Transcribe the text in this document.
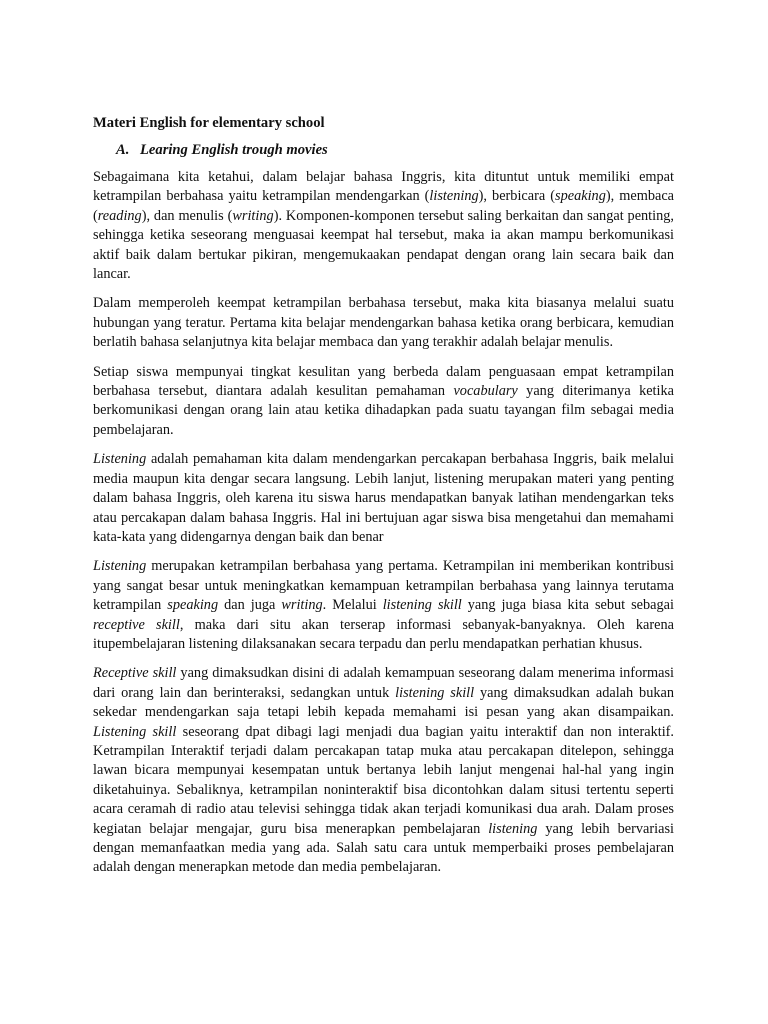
Materi English for elementary school
A. Learing English trough movies

Sebagaimana kita ketahui, dalam belajar bahasa Inggris, kita dituntut untuk memiliki empat ketrampilan berbahasa yaitu ketrampilan mendengarkan (listening), berbicara (speaking), membaca (reading), dan menulis (writing). Komponen-komponen tersebut saling berkaitan dan sangat penting, sehingga ketika seseorang menguasai keempat hal tersebut, maka ia akan mampu berkomunikasi aktif baik dalam bertukar pikiran, mengemukaakan pendapat dengan orang lain secara baik dan lancar.

Dalam memperoleh keempat ketrampilan berbahasa tersebut, maka kita biasanya melalui suatu hubungan yang teratur. Pertama kita belajar mendengarkan bahasa ketika orang berbicara, kemudian berlatih bahasa selanjutnya kita belajar membaca dan yang terakhir adalah belajar menulis.

Setiap siswa mempunyai tingkat kesulitan yang berbeda dalam penguasaan empat ketrampilan berbahasa tersebut, diantara adalah kesulitan pemahaman vocabulary yang diterimanya ketika berkomunikasi dengan orang lain atau ketika dihadapkan pada suatu tayangan film sebagai media pembelajaran.

Listening adalah pemahaman kita dalam mendengarkan percakapan berbahasa Inggris, baik melalui media maupun kita dengar secara langsung. Lebih lanjut, listening merupakan materi yang penting dalam bahasa Inggris, oleh karena itu siswa harus mendapatkan banyak latihan mendengarkan teks atau percakapan dalam bahasa Inggris. Hal ini bertujuan agar siswa bisa mengetahui dan memahami kata-kata yang didengarnya dengan baik dan benar

Listening merupakan ketrampilan berbahasa yang pertama. Ketrampilan ini memberikan kontribusi yang sangat besar untuk meningkatkan kemampuan ketrampilan berbahasa yang lainnya terutama ketrampilan speaking dan juga writing. Melalui listening skill yang juga biasa kita sebut sebagai receptive skill, maka dari situ akan terserap informasi sebanyak-banyaknya. Oleh karena itupembelajaran listening dilaksanakan secara terpadu dan perlu mendapatkan perhatian khusus.

Receptive skill yang dimaksudkan disini di adalah kemampuan seseorang dalam menerima informasi dari orang lain dan berinteraksi, sedangkan untuk listening skill yang dimaksudkan adalah bukan sekedar mendengarkan saja tetapi lebih kepada memahami isi pesan yang akan disampaikan. Listening skill seseorang dpat dibagi lagi menjadi dua bagian yaitu interaktif dan non interaktif. Ketrampilan Interaktif terjadi dalam percakapan tatap muka atau percakapan ditelepon, sehingga lawan bicara mempunyai kesempatan untuk bertanya lebih lanjut mengenai hal-hal yang ingin diketahuinya. Sebaliknya, ketrampilan noninteraktif bisa dicontohkan dalam situsi tertentu seperti acara ceramah di radio atau televisi sehingga tidak akan terjadi komunikasi dua arah. Dalam proses kegiatan belajar mengajar, guru bisa menerapkan pembelajaran listening yang lebih bervariasi dengan memanfaatkan media yang ada. Salah satu cara untuk memperbaiki proses pembelajaran adalah dengan menerapkan metode dan media pembelajaran.
